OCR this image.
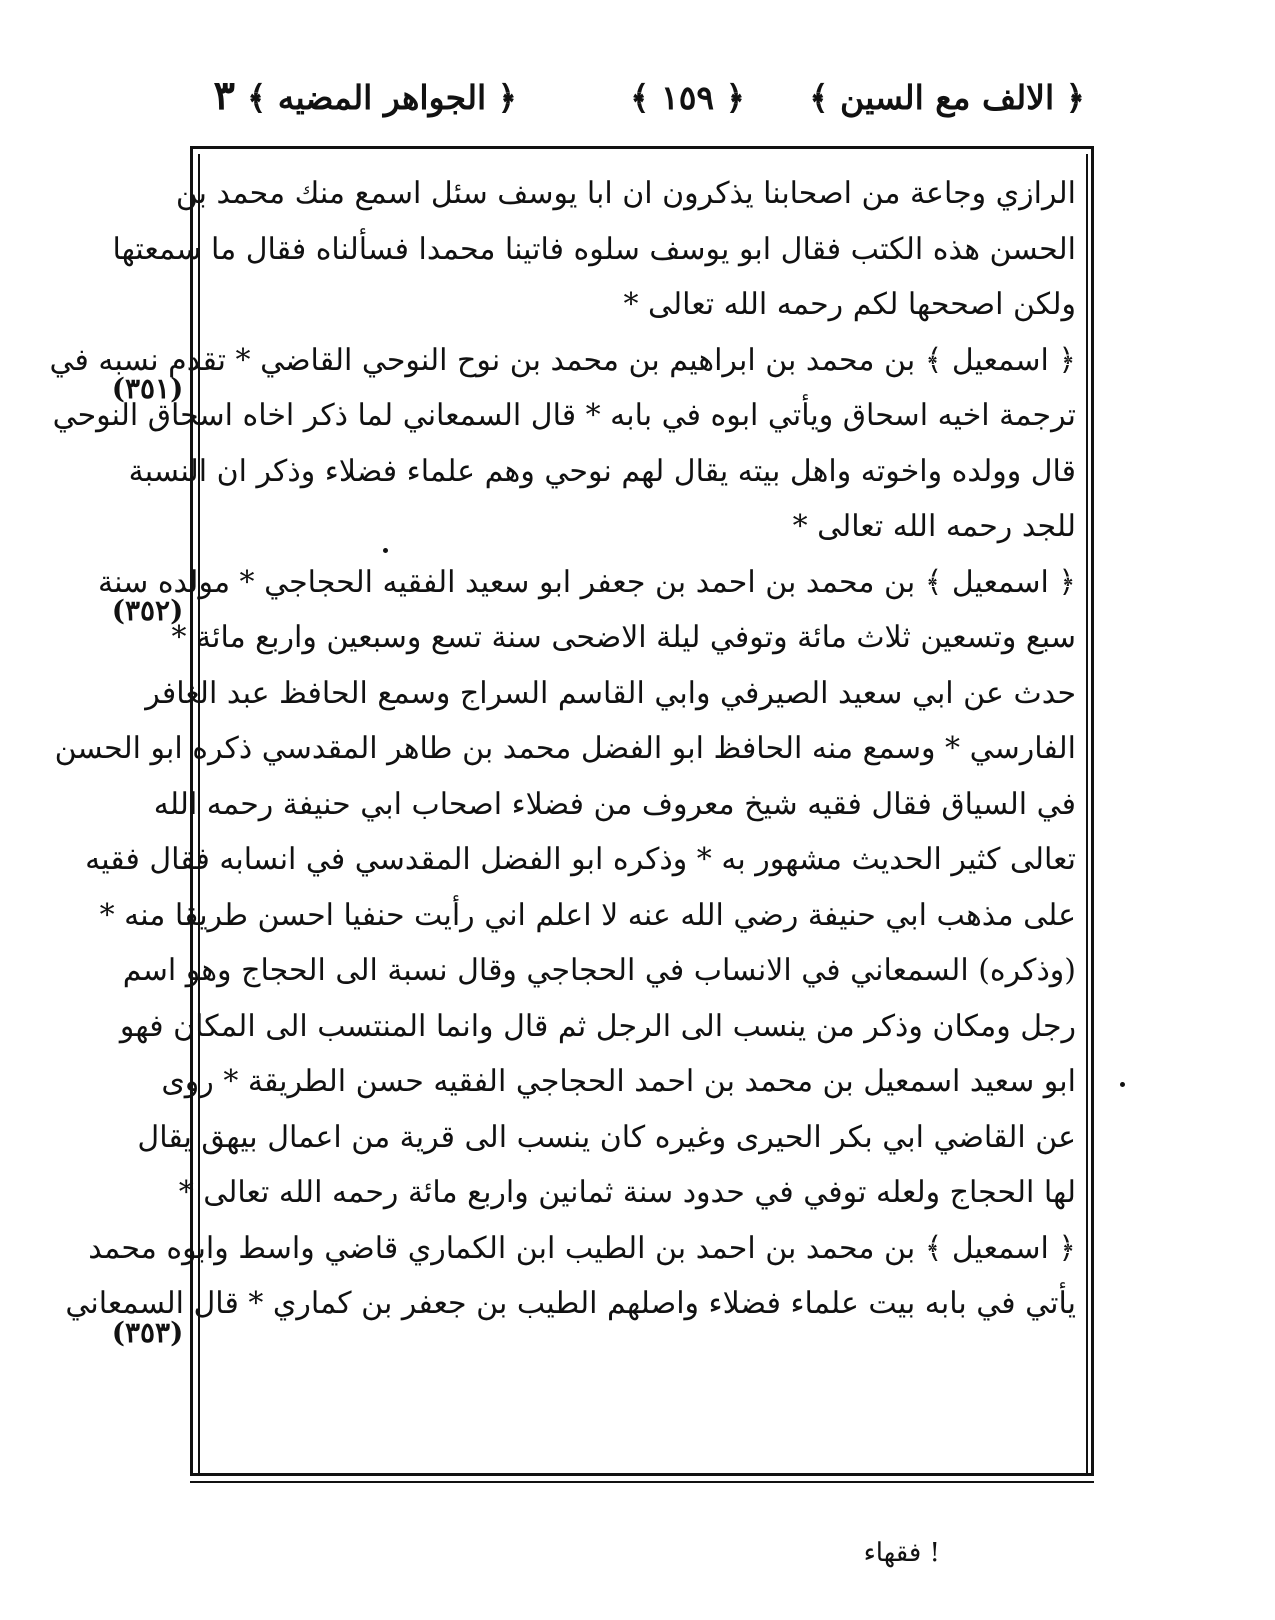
﴿ الالف مع السين ﴾
﴿ ١٥٩ ﴾
﴿ الجواهر المضيه ﴾
٣
الرازي وجاعة من اصحابنا يذكرون ان ابا يوسف سئل اسمع منك محمد بن
الحسن هذه الكتب فقال ابو يوسف سلوه فاتينا محمدا فسألناه فقال ما سمعتها
ولكن اصححها لكم رحمه الله تعالى *
﴿ اسمعيل ﴾ بن محمد بن ابراهيم بن محمد بن نوح النوحي القاضي * تقدم نسبه في
ترجمة اخيه اسحاق ويأتي ابوه في بابه * قال السمعاني لما ذكر اخاه اسحاق النوحي
قال وولده واخوته واهل بيته يقال لهم نوحي وهم علماء فضلاء وذكر ان النسبة
للجد رحمه الله تعالى *
﴿ اسمعيل ﴾ بن محمد بن احمد بن جعفر ابو سعيد الفقيه الحجاجي * مولده سنة
سبع وتسعين ثلاث مائة وتوفي ليلة الاضحى سنة تسع وسبعين واربع مائة *
حدث عن ابي سعيد الصيرفي وابي القاسم السراج وسمع الحافظ عبد الغافر
الفارسي * وسمع منه الحافظ ابو الفضل محمد بن طاهر المقدسي ذكره ابو الحسن
في السياق فقال فقيه شيخ معروف من فضلاء اصحاب ابي حنيفة رحمه الله
تعالى كثير الحديث مشهور به * وذكره ابو الفضل المقدسي في انسابه فقال فقيه
على مذهب ابي حنيفة رضي الله عنه لا اعلم اني رأيت حنفيا احسن طريقا منه *
(وذكره) السمعاني في الانساب في الحجاجي وقال نسبة الى الحجاج وهو اسم
رجل ومكان وذكر من ينسب الى الرجل ثم قال وانما المنتسب الى المكان فهو
ابو سعيد اسمعيل بن محمد بن احمد الحجاجي الفقيه حسن الطريقة * روى
عن القاضي ابي بكر الحيرى وغيره كان ينسب الى قرية من اعمال بيهق يقال
لها الحجاج ولعله توفي في حدود سنة ثمانين واربع مائة رحمه الله تعالى *
﴿ اسمعيل ﴾ بن محمد بن احمد بن الطيب ابن الكماري قاضي واسط وابوه محمد
يأتي في بابه بيت علماء فضلاء واصلهم الطيب بن جعفر بن كماري * قال السمعاني
(٣٥١)
(٣٥٢)
(٣٥٣)
! فقهاء
